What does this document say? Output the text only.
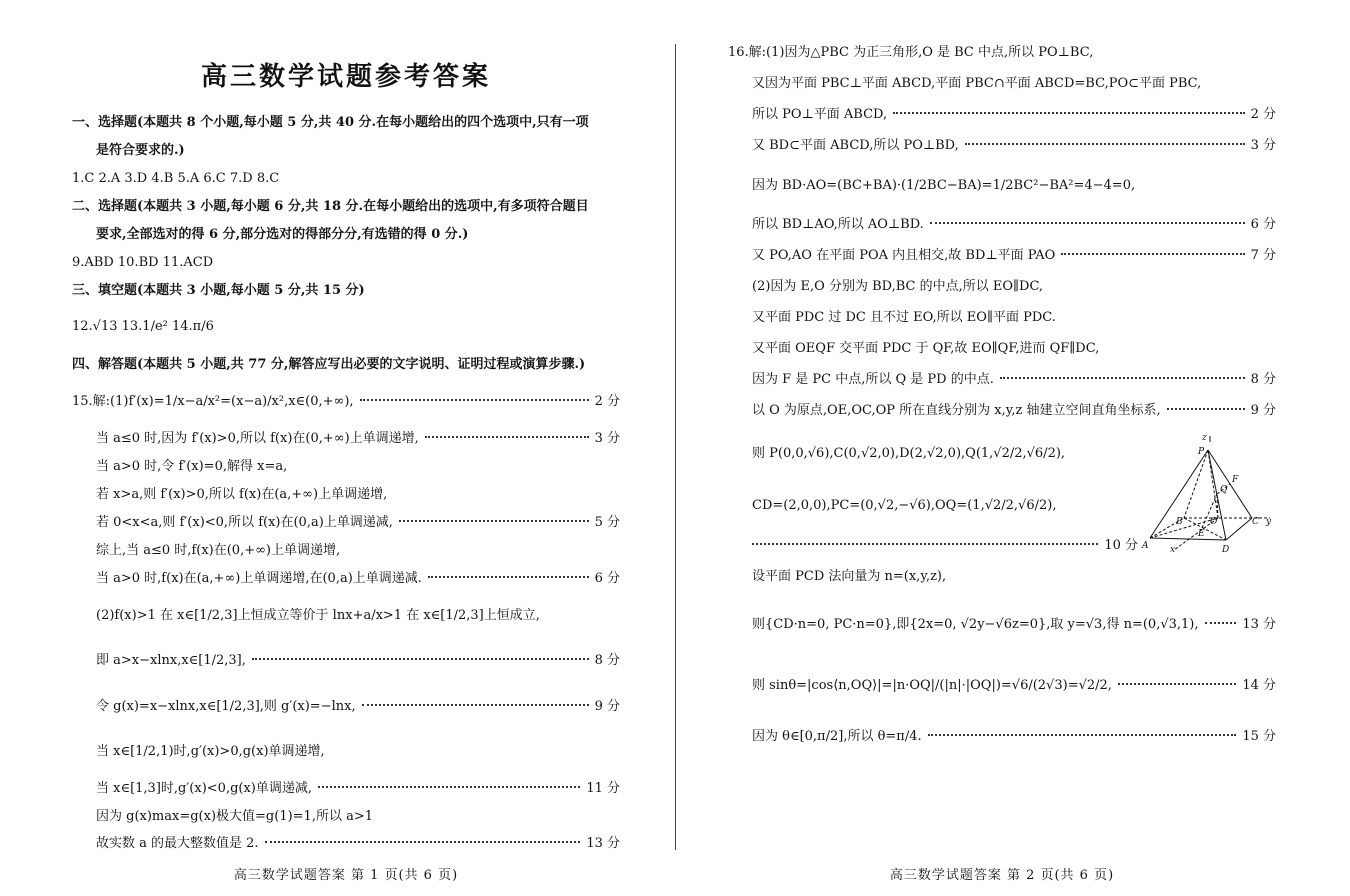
高三数学试题参考答案
一、选择题(本题共 8 个小题,每小题 5 分,共 40 分.在每小题给出的四个选项中,只有一项
是符合要求的.)
1.C 2.A 3.D 4.B 5.A 6.C 7.D 8.C
二、选择题(本题共 3 小题,每小题 6 分,共 18 分.在每小题给出的选项中,有多项符合题目
要求,全部选对的得 6 分,部分选对的得部分分,有选错的得 0 分.)
9.ABD 10.BD 11.ACD
三、填空题(本题共 3 小题,每小题 5 分,共 15 分)
12.√13 13.1/e² 14.π/6
四、解答题(本题共 5 小题,共 77 分,解答应写出必要的文字说明、证明过程或演算步骤.)
15.解:(1)f′(x)=1/x−a/x²=(x−a)/x²,x∈(0,+∞),	2 分
当 a≤0 时,因为 f′(x)>0,所以 f(x)在(0,+∞)上单调递增,	3 分
当 a>0 时,令 f′(x)=0,解得 x=a,
若 x>a,则 f′(x)>0,所以 f(x)在(a,+∞)上单调递增,
若 0<x<a,则 f′(x)<0,所以 f(x)在(0,a)上单调递减,	5 分
综上,当 a≤0 时,f(x)在(0,+∞)上单调递增,
当 a>0 时,f(x)在(a,+∞)上单调递增,在(0,a)上单调递减.	6 分
(2)f(x)>1 在 x∈[1/2,3]上恒成立等价于 lnx+a/x>1 在 x∈[1/2,3]上恒成立,
即 a>x−xlnx,x∈[1/2,3],	8 分
令 g(x)=x−xlnx,x∈[1/2,3],则 g′(x)=−lnx,	9 分
当 x∈[1/2,1)时,g′(x)>0,g(x)单调递增,
当 x∈[1,3]时,g′(x)<0,g(x)单调递减,	11 分
因为 g(x)max=g(x)极大值=g(1)=1,所以 a>1
故实数 a 的最大整数值是 2.	13 分
高三数学试题答案 第 1 页(共 6 页)
16.解:(1)因为△PBC 为正三角形,O 是 BC 中点,所以 PO⊥BC,
又因为平面 PBC⊥平面 ABCD,平面 PBC∩平面 ABCD=BC,PO⊂平面 PBC,
所以 PO⊥平面 ABCD,	2 分
又 BD⊂平面 ABCD,所以 PO⊥BD,	3 分
因为 BD·AO=(BC+BA)·(1/2BC−BA)=1/2BC²−BA²=4−4=0,
所以 BD⊥AO,所以 AO⊥BD.	6 分
又 PO,AO 在平面 POA 内且相交,故 BD⊥平面 PAO	7 分
(2)因为 E,O 分别为 BD,BC 的中点,所以 EO∥DC,
又平面 PDC 过 DC 且不过 EO,所以 EO∥平面 PDC.
又平面 OEQF 交平面 PDC 于 QF,故 EO∥QF,进而 QF∥DC,
因为 F 是 PC 中点,所以 Q 是 PD 的中点.	8 分
以 O 为原点,OE,OC,OP 所在直线分别为 x,y,z 轴建立空间直角坐标系,	9 分
则 P(0,0,√6),C(0,√2,0),D(2,√2,0),Q(1,√2/2,√6/2),
CD=(2,0,0),PC=(0,√2,−√6),OQ=(1,√2/2,√6/2),
10 分
设平面 PCD 法向量为 n=(x,y,z),
则{CD·n=0, PC·n=0},即{2x=0, √2y−√6z=0},取 y=√3,得 n=(0,√3,1),	13 分
则 sinθ=|cos⟨n,OQ⟩|=|n·OQ|/(|n|·|OQ|)=√6/(2√3)=√2/2,	14 分
因为 θ∈[0,π/2],所以 θ=π/4.	15 分
高三数学试题答案 第 2 页(共 6 页)
z
P
F
Q
B	O	C y
E
A x	D
